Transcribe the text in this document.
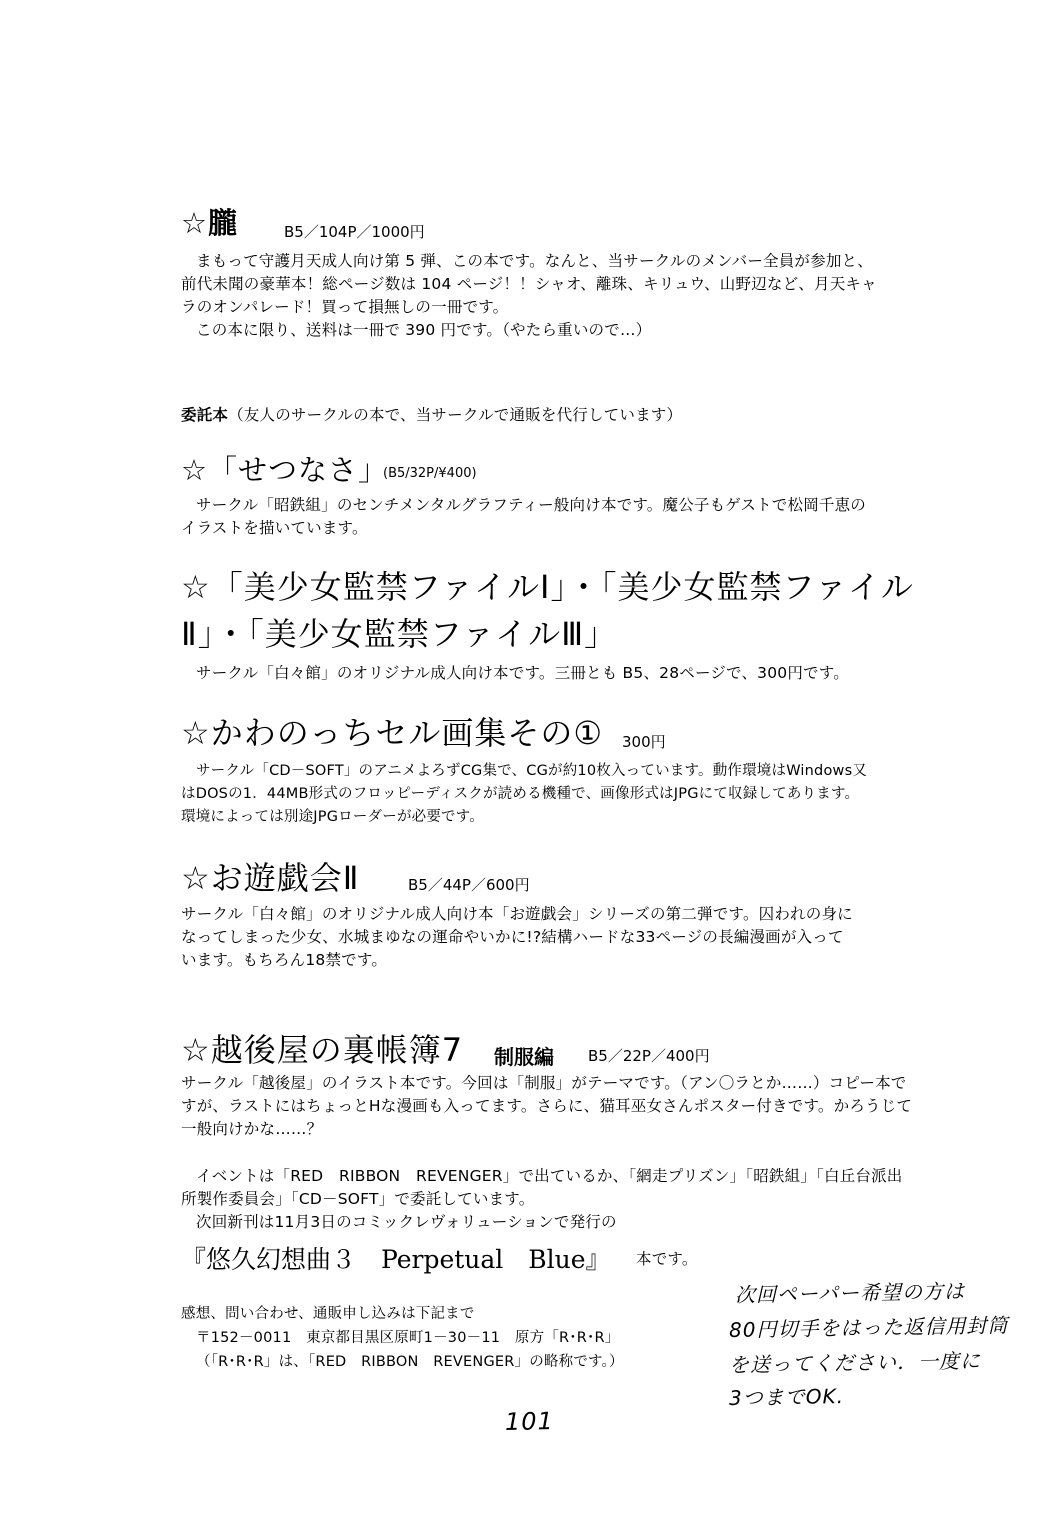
☆朧	B5／104P／1000円
まもって守護月天成人向け第 5 弾、この本です。なんと、当サークルのメンバー全員が参加と、
前代未聞の豪華本！総ページ数は 104 ページ！！シャオ、離珠、キリュウ、山野辺など、月天キャ
ラのオンパレード！買って損無しの一冊です。
この本に限り、送料は一冊で 390 円です。（やたら重いので…）
委託本（友人のサークルの本で、当サークルで通販を代行しています）
☆「せつなさ」
(B5/32P/¥400)
サークル「昭鉄組」のセンチメンタルグラフティー般向け本です。魔公子もゲストで松岡千恵の
イラストを描いています。
☆「美少女監禁ファイルⅠ」・「美少女監禁ファイル
Ⅱ」・「美少女監禁ファイルⅢ」
サークル「白々館」のオリジナル成人向け本です。三冊とも B5、28ページで、300円です。
☆かわのっちセル画集その① 300円
サークル「CD－SOFT」のアニメよろずCG集で、CGが約10枚入っています。動作環境はWindows又
はDOSの1．44MB形式のフロッピーディスクが読める機種で、画像形式はJPGにて収録してあります。
環境によっては別途JPGローダーが必要です。
☆お遊戯会Ⅱ	B5／44P／600円
サークル「白々館」のオリジナル成人向け本「お遊戯会」シリーズの第二弾です。囚われの身に
なってしまった少女、水城まゆなの運命やいかに!?結構ハードな33ページの長編漫画が入って
います。もちろん18禁です。
☆越後屋の裏帳簿7 制服編 B5／22P／400円
サークル「越後屋」のイラスト本です。今回は「制服」がテーマです。（アン〇ラとか……）コピー本で
すが、ラストにはちょっとHな漫画も入ってます。さらに、猫耳巫女さんポスター付きです。かろうじて
一般向けかな……？
イベントは「RED　RIBBON　REVENGER」で出ているか、「網走プリズン」「昭鉄組」「白丘台派出
所製作委員会」「CD－SOFT」で委託しています。
次回新刊は11月3日のコミックレヴォリューションで発行の
『悠久幻想曲３　Perpetual　Blue』 本です。
感想、問い合わせ、通販申し込みは下記まで
〒152－0011　東京都目黒区原町1－30－11　原方「R･R･R」
（「R･R･R」は、「RED　RIBBON　REVENGER」の略称です。）
次回ペーパー希望の方は
80円切手をはった返信用封筒
を送ってください．一度に
3つまでOK.
101
